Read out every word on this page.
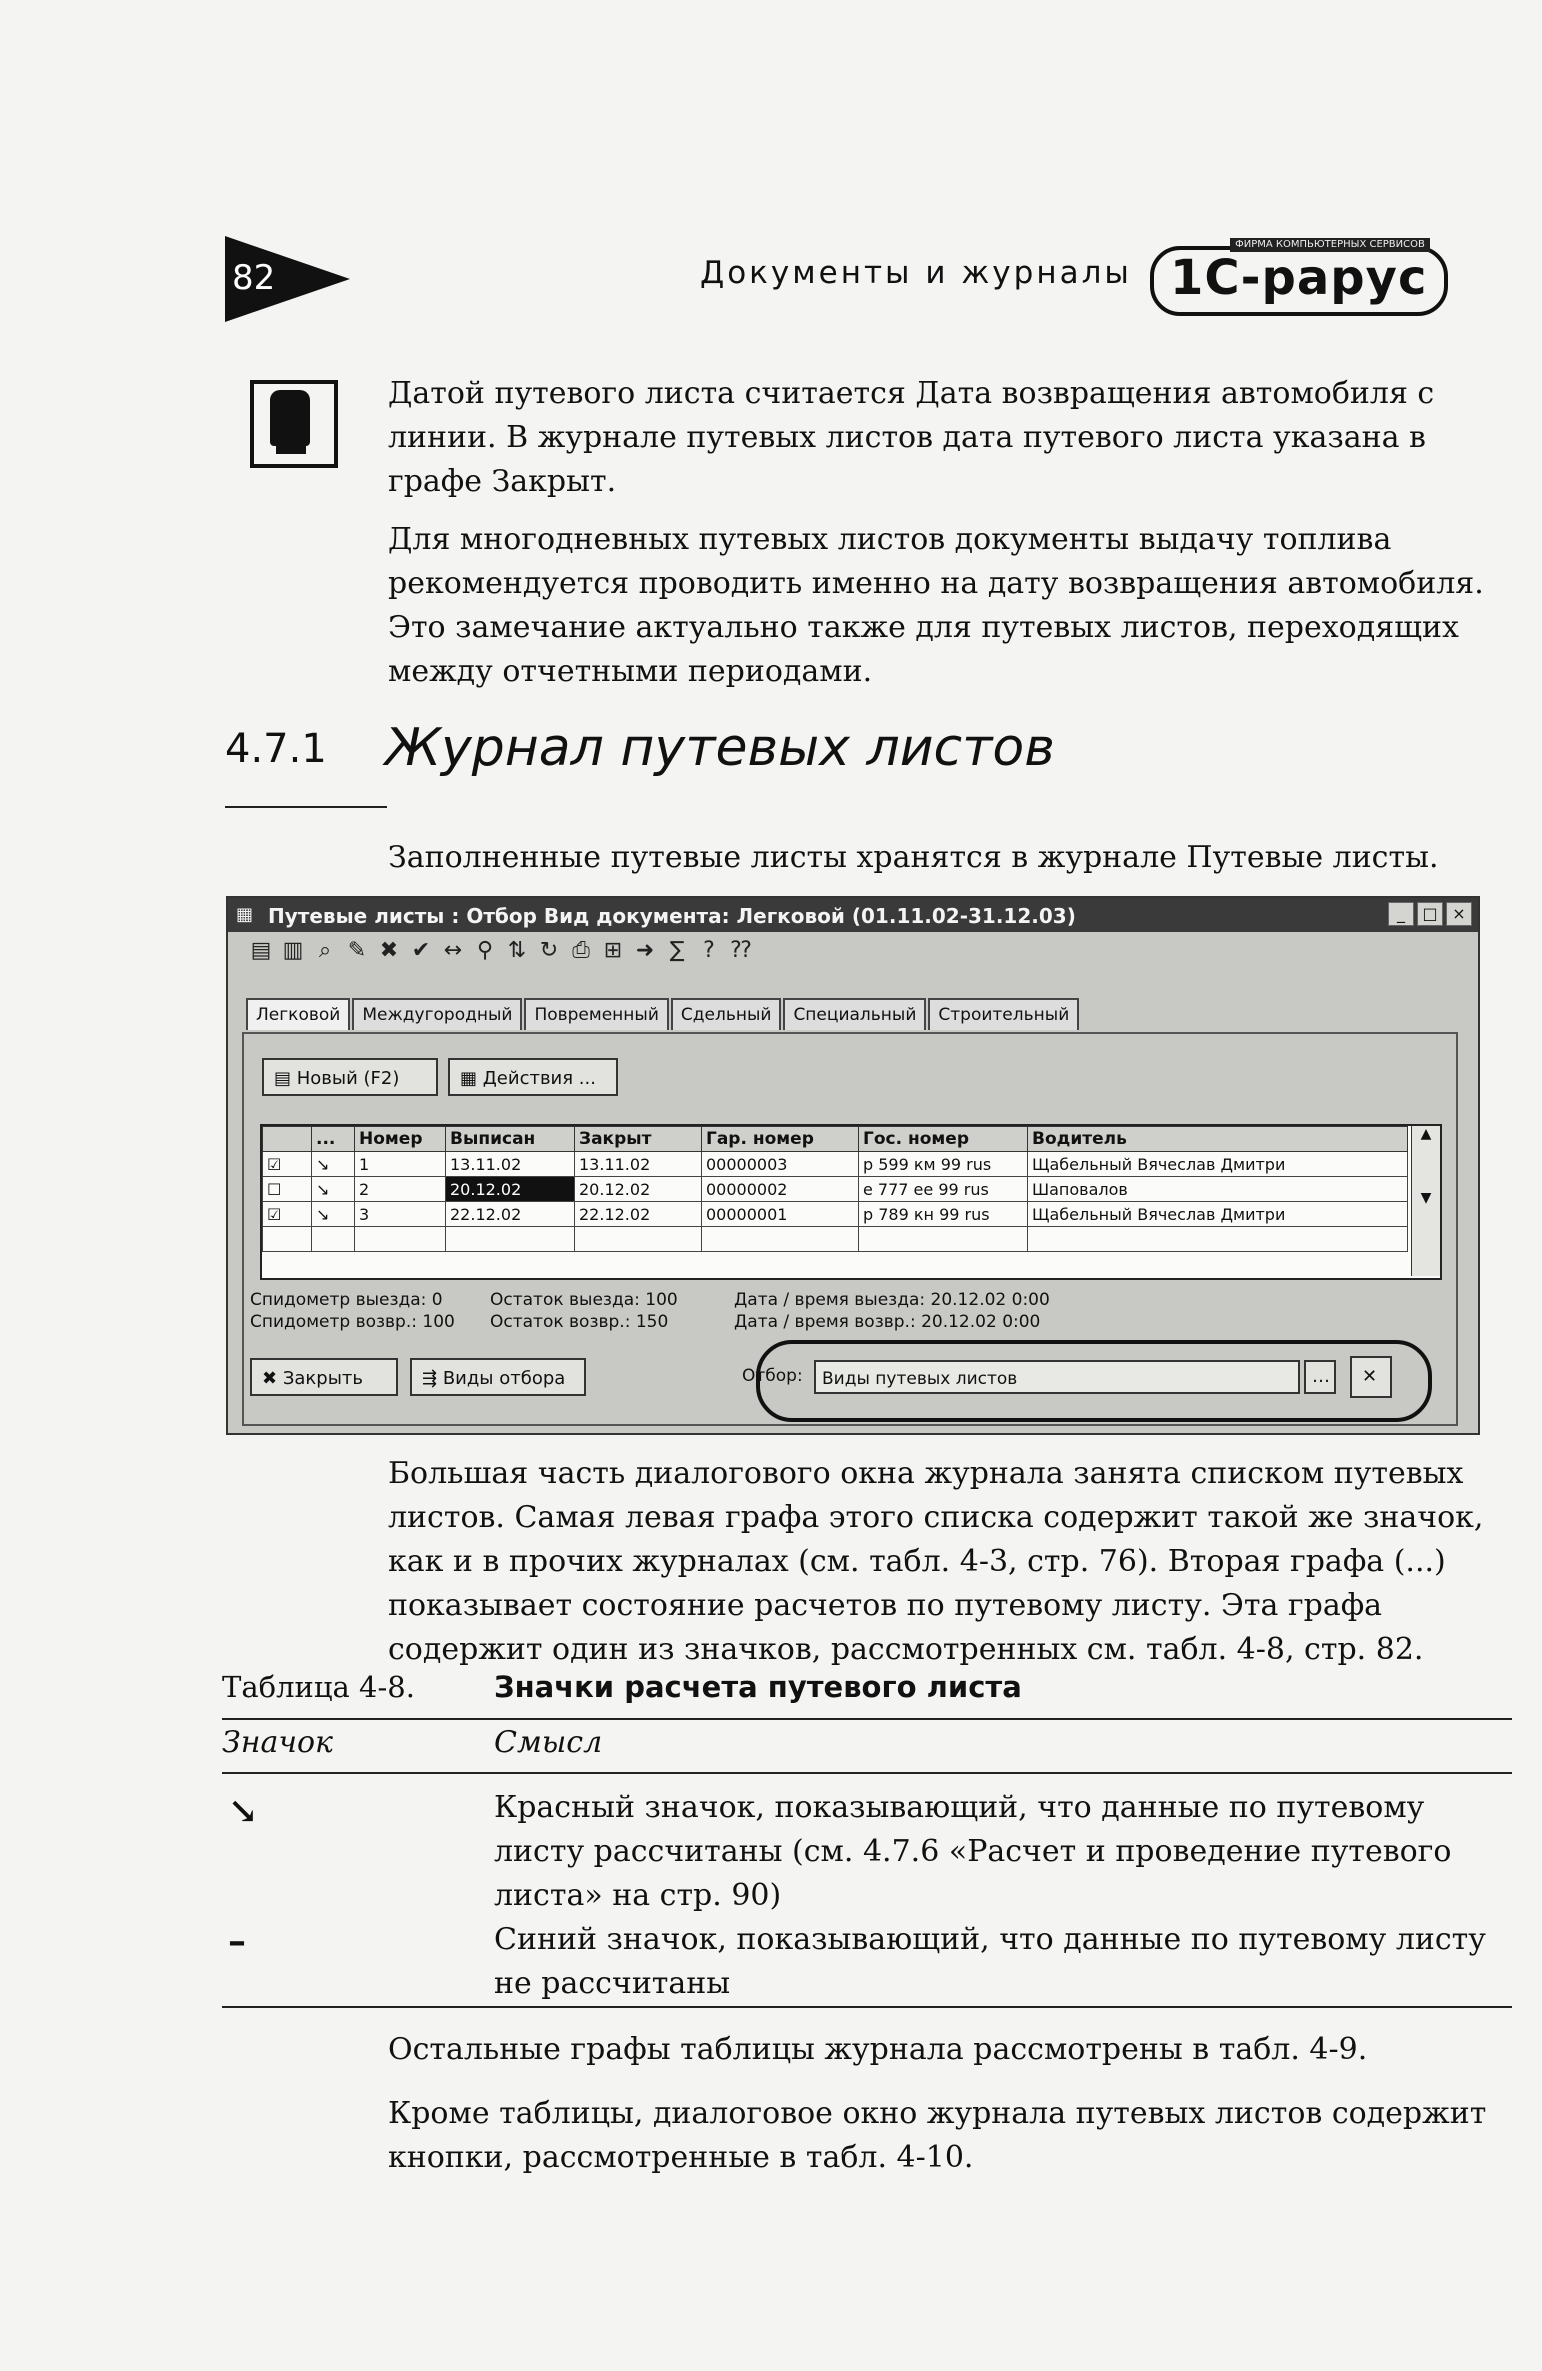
82	Документы и журналы
ФИРМА КОМПЬЮТЕРНЫХ СЕРВИСОВ
1С-рарус
Датой путевого листа считается Дата возвращения автомобиля с линии. В журнале путевых листов дата путевого листа указана в графе Закрыт.
Для многодневных путевых листов документы выдачу топлива рекомендуется проводить именно на дату возвращения автомобиля. Это замечание актуально также для путевых листов, переходящих между отчетными периодами.
4.7.1 Журнал путевых листов
Заполненные путевые листы хранятся в журнале Путевые листы.
▦ Путевые листы : Отбор Вид документа: Легковой (01.11.02-31.12.03)	_ □ ×
▤ ▥ ⌕ ✎ ✖ ✔ ↔ ⚲ ⇅ ↻ ⎙ ⊞ ➜ ∑ ? ⁇
Легковой Междугородный Повременный Сдельный Специальный Строительный
▤ Новый (F2)	▦ Действия ...
	...	Номер	Выписан	Закрыт	Гар. номер	Гос. номер	Водитель
☑	↘	1	13.11.02	13.11.02	00000003	р 599 км 99 rus	Щабельный Вячеслав Дмитри
☐	↘	2	20.12.02	20.12.02	00000002	е 777 ее 99 rus	Шаповалов
☑	↘	3	22.12.02	22.12.02	00000001	р 789 кн 99 rus	Щабельный Вячеслав Дмитри

▲

▼
Спидометр выезда: 0
Спидометр возвр.: 100
Остаток выезда: 100
Остаток возвр.: 150
Дата / время выезда: 20.12.02 0:00
Дата / время возвр.: 20.12.02 0:00
✖ Закрыть	⇶ Виды отбора	Отбор:	Виды путевых листов	…	✕
Большая часть диалогового окна журнала занята списком путевых листов. Самая левая графа этого списка содержит такой же значок, как и в прочих журналах (см. табл. 4-3, стр. 76). Вторая графа (...) показывает состояние расчетов по путевому листу. Эта графа содержит один из значков, рассмотренных см. табл. 4-8, стр. 82.
Таблица 4-8.	Значки расчета путевого листа
Значок	Смысл
↘	Красный значок, показывающий, что данные по путевому листу рассчитаны (см. 4.7.6 «Расчет и проведение путевого листа» на стр. 90)
–	Синий значок, показывающий, что данные по путевому листу не рассчитаны
Остальные графы таблицы журнала рассмотрены в табл. 4-9.
Кроме таблицы, диалоговое окно журнала путевых листов содержит кнопки, рассмотренные в табл. 4-10.
